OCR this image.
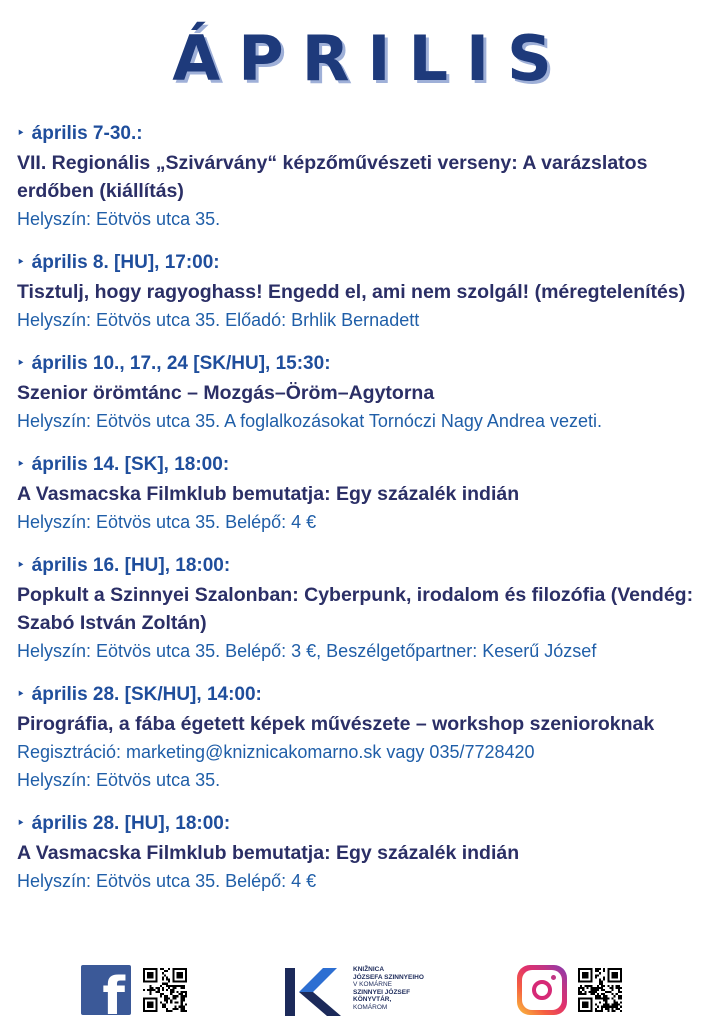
ÁPRILIS
‣ április 7-30.:
VII. Regionális „Szivárvány“ képzőművészeti verseny: A varázslatos erdőben (kiállítás)
Helyszín: Eötvös utca 35.
‣ április 8. [HU], 17:00:
Tisztulj, hogy ragyoghass! Engedd el, ami nem szolgál! (méregtelenítés)
Helyszín: Eötvös utca 35. Előadó: Brhlik Bernadett
‣ április 10., 17., 24 [SK/HU], 15:30:
Szenior örömtánc – Mozgás–Öröm–Agytorna
Helyszín: Eötvös utca 35. A foglalkozásokat Tornóczi Nagy Andrea vezeti.
‣ április 14. [SK], 18:00:
A Vasmacska Filmklub bemutatja: Egy százalék indián
Helyszín: Eötvös utca 35. Belépő: 4 €
‣ április 16. [HU], 18:00:
Popkult a Szinnyei Szalonban: Cyberpunk, irodalom és filozófia (Vendég: Szabó István Zoltán)
Helyszín: Eötvös utca 35. Belépő: 3 €, Beszélgetőpartner: Keserű József
‣ április 28. [SK/HU], 14:00:
Pirográfia, a fába égetett képek művészete – workshop szenioroknak
Regisztráció: marketing@kniznicakomarno.sk vagy 035/7728420
Helyszín: Eötvös utca 35.
‣ április 28. [HU], 18:00:
A Vasmacska Filmklub bemutatja: Egy százalék indián
Helyszín: Eötvös utca 35. Belépő: 4 €
f	KNIŽNICA
JÓZSEFA SZINNYEIHO
V KOMÁRNE
SZINNYEI JÓZSEF
KÖNYVTÁR,
KOMÁROM
